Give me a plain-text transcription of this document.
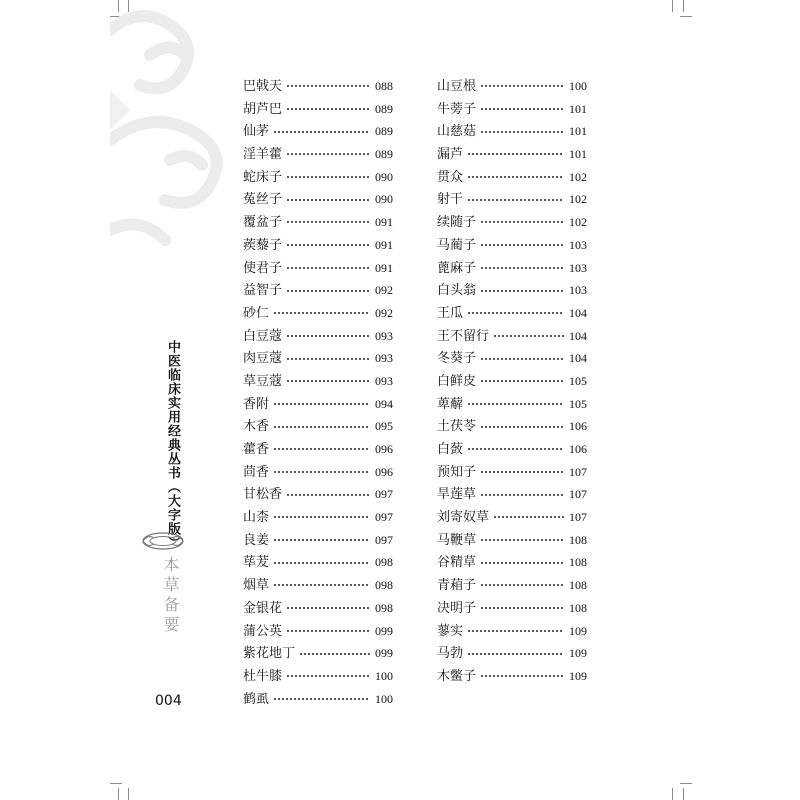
中医临床实用经典丛书（大字版）
本草备要
004
巴戟天	088
胡芦巴	089
仙茅	089
淫羊藿	089
蛇床子	090
菟丝子	090
覆盆子	091
蒺藜子	091
使君子	091
益智子	092
砂仁	092
白豆蔻	093
肉豆蔻	093
草豆蔻	093
香附	094
木香	095
藿香	096
茴香	096
甘松香	097
山柰	097
良姜	097
荜茇	098
烟草	098
金银花	098
蒲公英	099
紫花地丁	099
杜牛膝	100
鹤虱	100
山豆根	100
牛蒡子	101
山慈菇	101
漏芦	101
贯众	102
射干	102
续随子	102
马蔺子	103
蓖麻子	103
白头翁	103
王瓜	104
王不留行	104
冬葵子	104
白鲜皮	105
萆薢	105
土茯苓	106
白蔹	106
预知子	107
旱莲草	107
刘寄奴草	107
马鞭草	108
谷精草	108
青葙子	108
决明子	108
蓼实	109
马勃	109
木鳖子	109
